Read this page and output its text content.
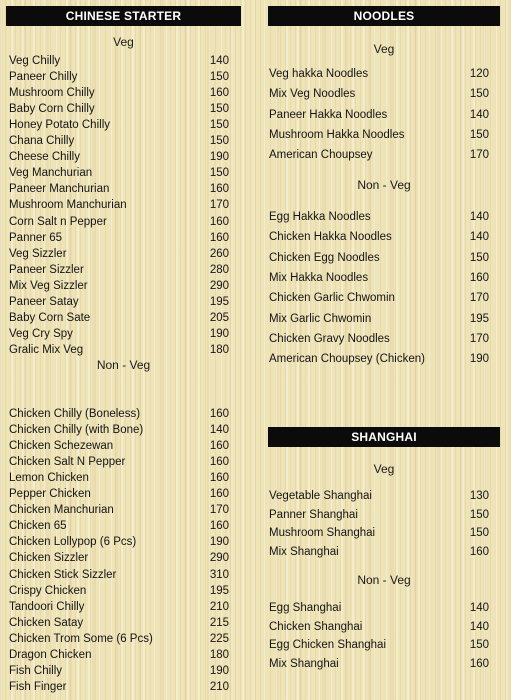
CHINESE STARTER
Veg
Non - Veg
NOODLES
Veg
Non - Veg
SHANGHAI
Veg
Non - Veg
Veg Chilly	140
Paneer Chilly	150
Mushroom Chilly	160
Baby Corn Chilly	150
Honey Potato Chilly	150
Chana Chilly	150
Cheese Chilly	190
Veg Manchurian	150
Paneer Manchurian	160
Mushroom Manchurian	170
Corn Salt n Pepper	160
Panner 65	160
Veg Sizzler	260
Paneer Sizzler	280
Mix Veg Sizzler	290
Paneer Satay	195
Baby Corn Sate	205
Veg Cry Spy	190
Gralic Mix Veg	180
Chicken Chilly (Boneless)	160
Chicken Chilly (with Bone)	140
Chicken Schezewan	160
Chicken Salt N Pepper	160
Lemon Chicken	160
Pepper Chicken	160
Chicken Manchurian	170
Chicken 65	160
Chicken Lollypop (6 Pcs)	190
Chicken Sizzler	290
Chicken Stick Sizzler	310
Crispy Chicken	195
Tandoori Chilly	210
Chicken Satay	215
Chicken Trom Some (6 Pcs)	225
Dragon Chicken	180
Fish Chilly	190
Fish Finger	210
Veg hakka Noodles	120
Mix Veg Noodles	150
Paneer Hakka Noodles	140
Mushroom Hakka Noodles	150
American Choupsey	170
Egg Hakka Noodles	140
Chicken Hakka Noodles	140
Chicken Egg Noodles	150
Mix Hakka Noodles	160
Chicken Garlic Chwomin	170
Mix Garlic Chwomin	195
Chicken Gravy Noodles	170
American Choupsey (Chicken)	190
Vegetable Shanghai	130
Panner Shanghai	150
Mushroom Shanghai	150
Mix Shanghai	160
Egg Shanghai	140
Chicken Shanghai	140
Egg Chicken Shanghai	150
Mix Shanghai	160
